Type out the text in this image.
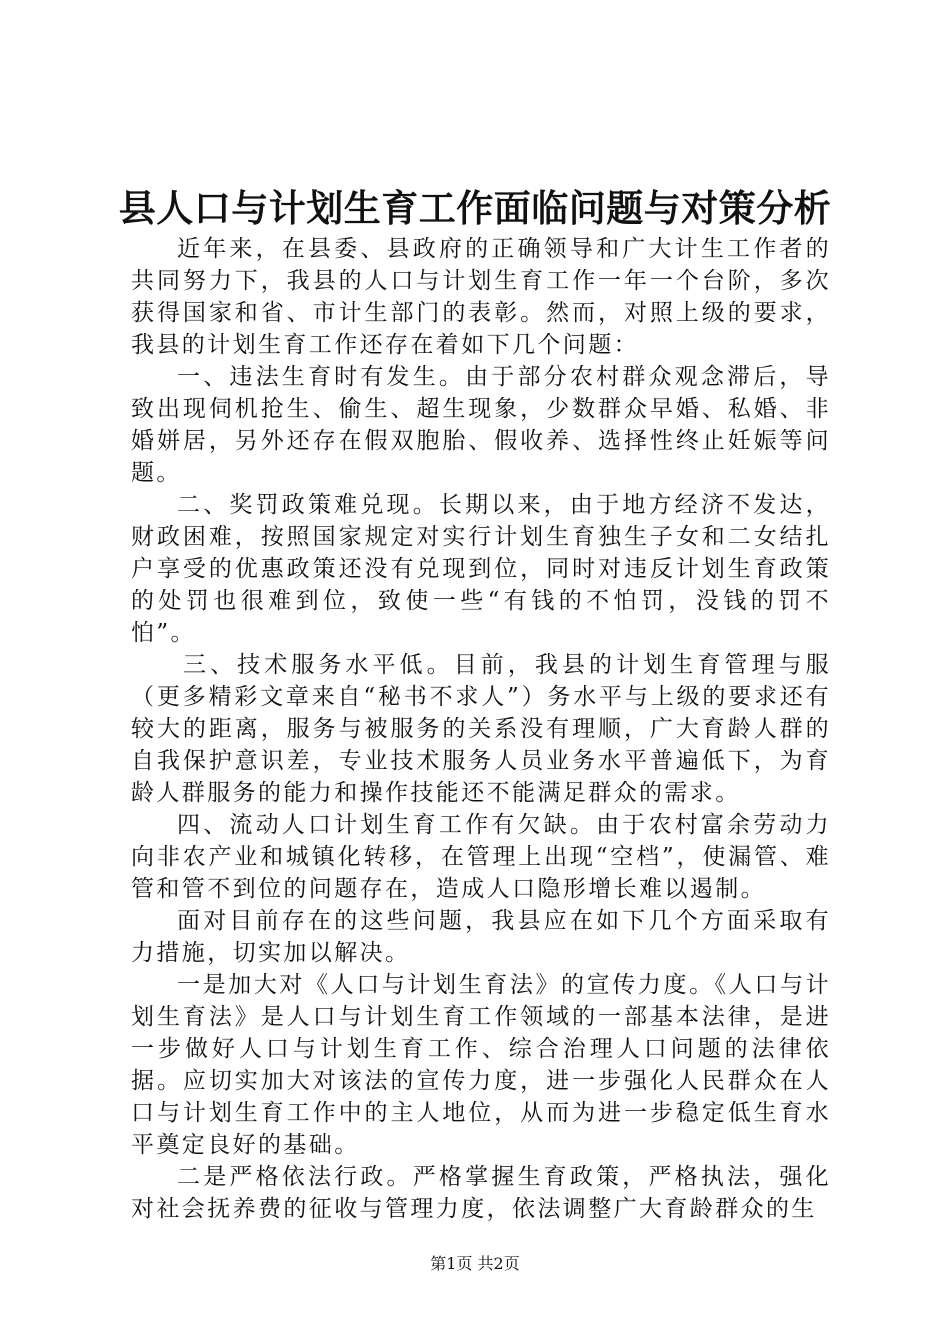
县人口与计划生育工作面临问题与对策分析

近年来，在县委、县政府的正确领导和广大计生工作者的共同努力下，我县的人口与计划生育工作一年一个台阶，多次获得国家和省、市计生部门的表彰。然而，对照上级的要求，我县的计划生育工作还存在着如下几个问题：

一、违法生育时有发生。由于部分农村群众观念滞后，导致出现伺机抢生、偷生、超生现象，少数群众早婚、私婚、非婚姘居，另外还存在假双胞胎、假收养、选择性终止妊娠等问题。

二、奖罚政策难兑现。长期以来，由于地方经济不发达，财政困难，按照国家规定对实行计划生育独生子女和二女结扎户享受的优惠政策还没有兑现到位，同时对违反计划生育政策的处罚也很难到位，致使一些“有钱的不怕罚，没钱的罚不怕”。

三、技术服务水平低。目前，我县的计划生育管理与服（更多精彩文章来自“秘书不求人”）务水平与上级的要求还有较大的距离，服务与被服务的关系没有理顺，广大育龄人群的自我保护意识差，专业技术服务人员业务水平普遍低下，为育龄人群服务的能力和操作技能还不能满足群众的需求。

四、流动人口计划生育工作有欠缺。由于农村富余劳动力向非农产业和城镇化转移，在管理上出现“空档”，使漏管、难管和管不到位的问题存在，造成人口隐形增长难以遏制。

面对目前存在的这些问题，我县应在如下几个方面采取有力措施，切实加以解决。

一是加大对《人口与计划生育法》的宣传力度。《人口与计划生育法》是人口与计划生育工作领域的一部基本法律，是进一步做好人口与计划生育工作、综合治理人口问题的法律依据。应切实加大对该法的宣传力度，进一步强化人民群众在人口与计划生育工作中的主人地位，从而为进一步稳定低生育水平奠定良好的基础。

二是严格依法行政。严格掌握生育政策，严格执法，强化对社会抚养费的征收与管理力度，依法调整广大育龄群众的生

第1页 共2页
